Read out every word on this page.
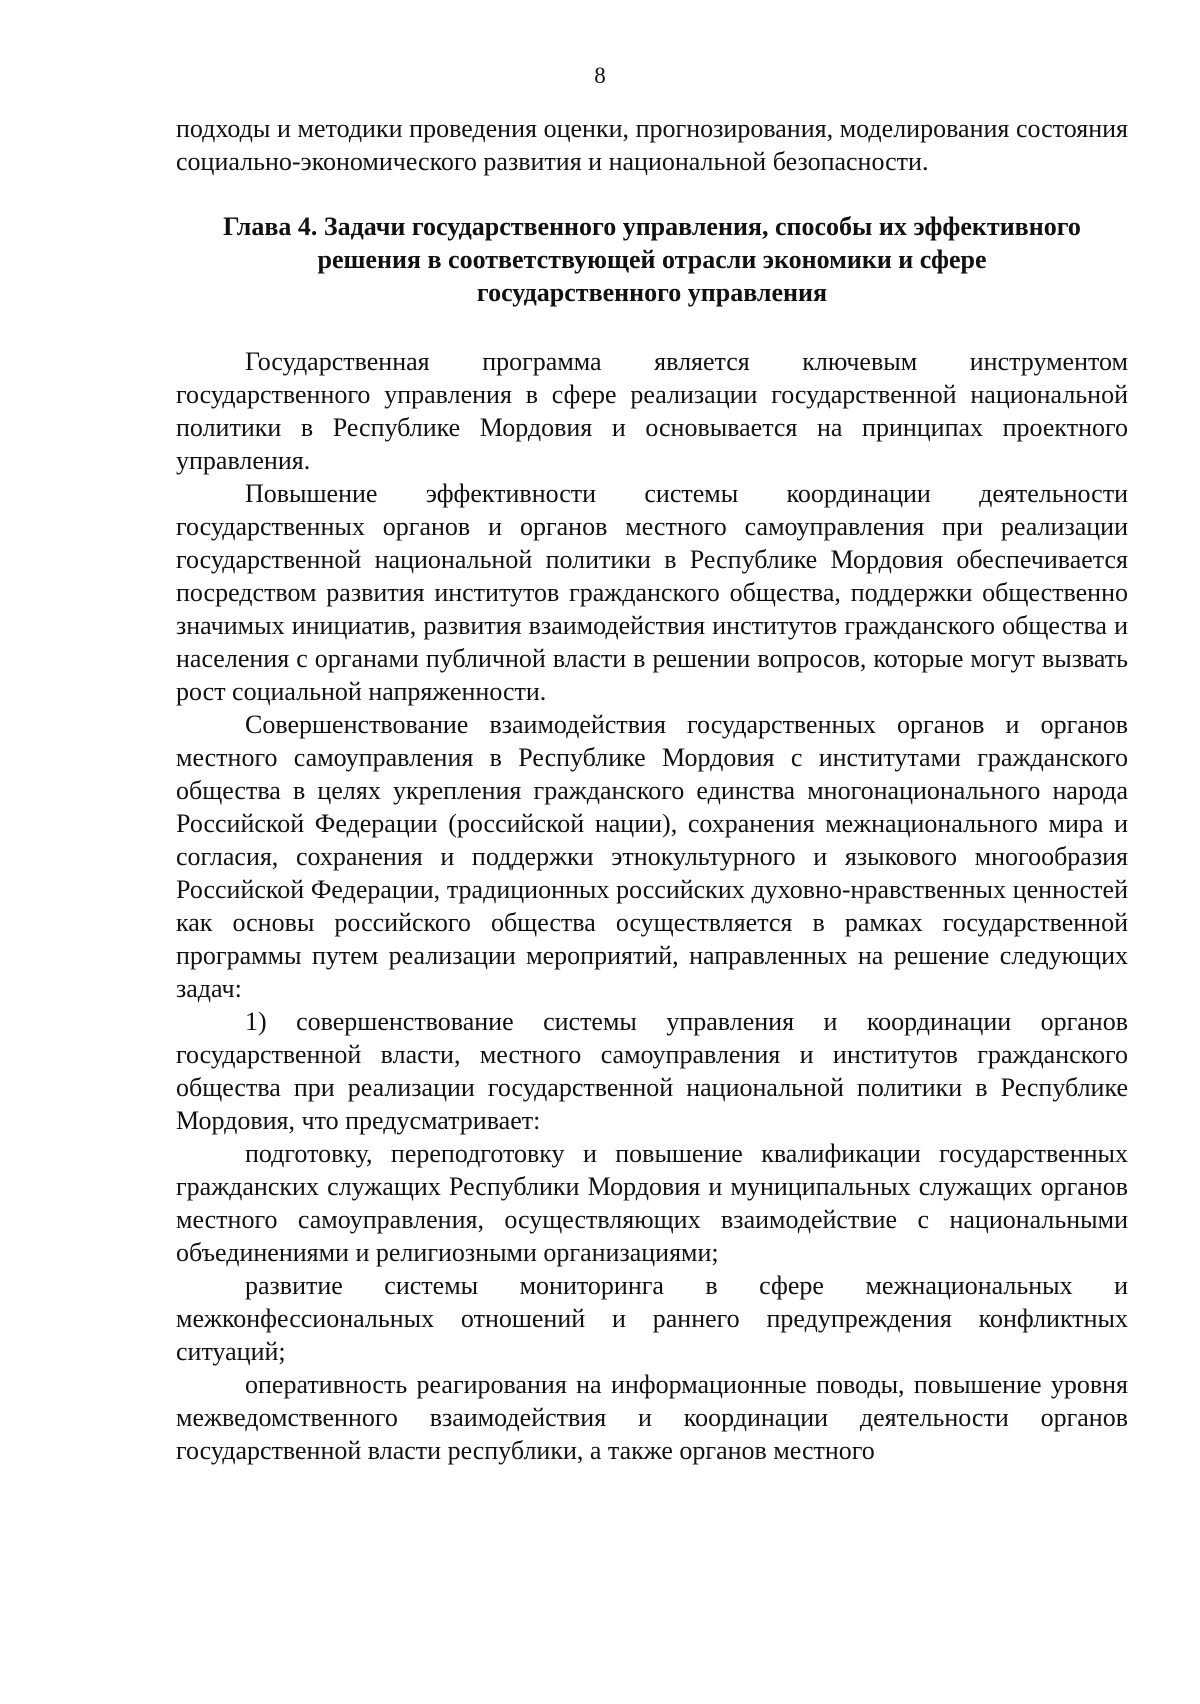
8

подходы и методики проведения оценки, прогнозирования, моделирования состояния социально-экономического развития и национальной безопасности.

Глава 4. Задачи государственного управления, способы их эффективного
решения в соответствующей отрасли экономики и сфере
государственного управления

Государственная программа является ключевым инструментом государственного управления в сфере реализации государственной национальной политики в Республике Мордовия и основывается на принципах проектного управления.

Повышение эффективности системы координации деятельности государственных органов и органов местного самоуправления при реализации государственной национальной политики в Республике Мордовия обеспечивается посредством развития институтов гражданского общества, поддержки общественно значимых инициатив, развития взаимодействия институтов гражданского общества и населения с органами публичной власти в решении вопросов, которые могут вызвать рост социальной напряженности.

Совершенствование взаимодействия государственных органов и органов местного самоуправления в Республике Мордовия с институтами гражданского общества в целях укрепления гражданского единства многонационального народа Российской Федерации (российской нации), сохранения межнационального мира и согласия, сохранения и поддержки этнокультурного и языкового многообразия Российской Федерации, традиционных российских духовно-нравственных ценностей как основы российского общества осуществляется в рамках государственной программы путем реализации мероприятий, направленных на решение следующих задач:

1) совершенствование системы управления и координации органов государственной власти, местного самоуправления и институтов гражданского общества при реализации государственной национальной политики в Республике Мордовия, что предусматривает:

подготовку, переподготовку и повышение квалификации государственных гражданских служащих Республики Мордовия и муниципальных служащих органов местного самоуправления, осуществляющих взаимодействие с национальными объединениями и религиозными организациями;

развитие системы мониторинга в сфере межнациональных и межконфессиональных отношений и раннего предупреждения конфликтных ситуаций;

оперативность реагирования на информационные поводы, повышение уровня межведомственного взаимодействия и координации деятельности органов государственной власти республики, а также органов местного
